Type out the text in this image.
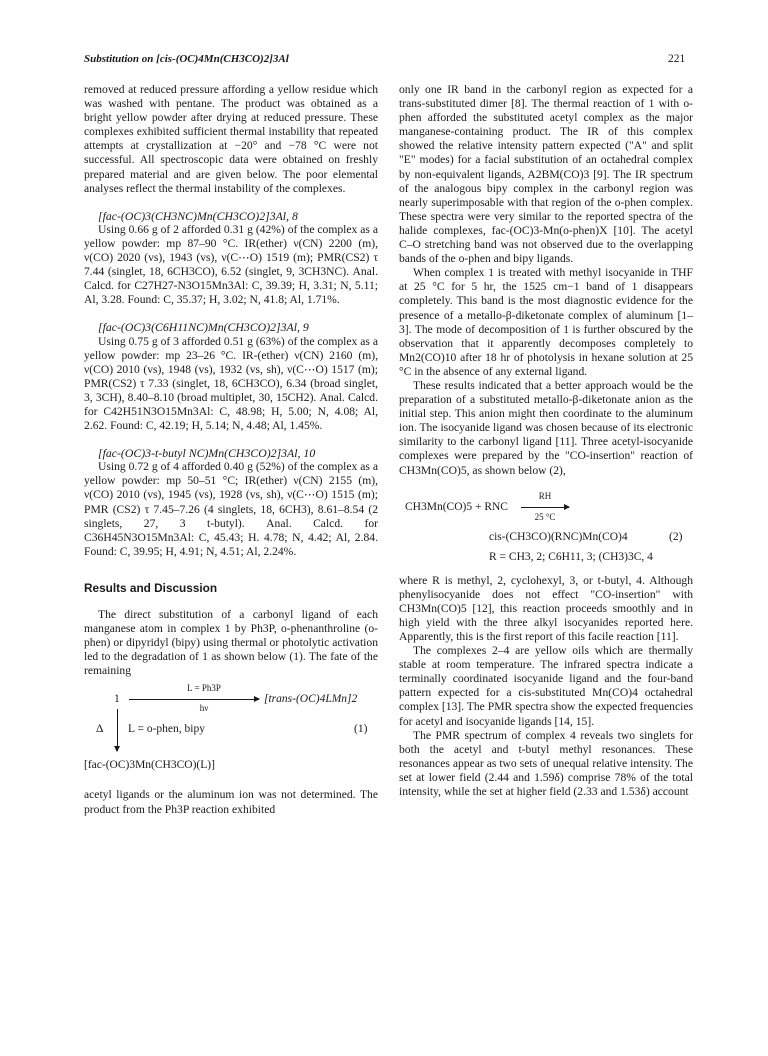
Substitution on [cis-(OC)4Mn(CH3CO)2]3Al	221

removed at reduced pressure affording a yellow residue which was washed with pentane. The product was obtained as a bright yellow powder after drying at reduced pressure. These complexes exhibited sufficient thermal instability that repeated attempts at crystallization at −20° and −78 °C were not successful. All spectroscopic data were obtained on freshly prepared material and are given below. The poor elemental analyses reflect the thermal instability of the complexes.

[fac-(OC)3(CH3NC)Mn(CH3CO)2]3Al, 8

Using 0.66 g of 2 afforded 0.31 g (42%) of the complex as a yellow powder: mp 87–90 °C. IR(ether) ν(CN) 2200 (m), ν(CO) 2020 (vs), 1943 (vs), ν(C⋯O) 1519 (m); PMR(CS2) τ 7.44 (singlet, 18, 6CH3CO), 6.52 (singlet, 9, 3CH3NC). Anal. Calcd. for C27H27-N3O15Mn3Al: C, 39.39; H, 3.31; N, 5.11; Al, 3.28. Found: C, 35.37; H, 3.02; N, 41.8; Al, 1.71%.

[fac-(OC)3(C6H11NC)Mn(CH3CO)2]3Al, 9

Using 0.75 g of 3 afforded 0.51 g (63%) of the complex as a yellow powder: mp 23–26 °C. IR-(ether) ν(CN) 2160 (m), ν(CO) 2010 (vs), 1948 (vs), 1932 (vs, sh), ν(C⋯O) 1517 (m); PMR(CS2) τ 7.33 (singlet, 18, 6CH3CO), 6.34 (broad singlet, 3, 3CH), 8.40–8.10 (broad multiplet, 30, 15CH2). Anal. Calcd. for C42H51N3O15Mn3Al: C, 48.98; H, 5.00; N, 4.08; Al, 2.62. Found: C, 42.19; H, 5.14; N, 4.48; Al, 1.45%.

[fac-(OC)3-t-butyl NC)Mn(CH3CO)2]3Al, 10

Using 0.72 g of 4 afforded 0.40 g (52%) of the complex as a yellow powder: mp 50–51 °C; IR(ether) ν(CN) 2155 (m), ν(CO) 2010 (vs), 1945 (vs), 1928 (vs, sh), ν(C⋯O) 1515 (m); PMR (CS2) τ 7.45–7.26 (4 singlets, 18, 6CH3), 8.61–8.54 (2 singlets, 27, 3 t-butyl). Anal. Calcd. for C36H45N3O15Mn3Al: C, 45.43; H. 4.78; N, 4.42; Al, 2.84. Found: C, 39.95; H, 4.91; N, 4.51; Al, 2.24%.

Results and Discussion

The direct substitution of a carbonyl ligand of each manganese atom in complex 1 by Ph3P, o-phenanthroline (o-phen) or dipyridyl (bipy) using thermal or photolytic activation led to the degradation of 1 as shown below (1). The fate of the remaining

1
L = Ph3P
hν
[trans-(OC)4LMn]2
Δ L = o-phen, bipy	(1)
[fac-(OC)3Mn(CH3CO)(L)]

acetyl ligands or the aluminum ion was not determined. The product from the Ph3P reaction exhibited

only one IR band in the carbonyl region as expected for a trans-substituted dimer [8]. The thermal reaction of 1 with o-phen afforded the substituted acetyl complex as the major manganese-containing product. The IR of this complex showed the relative intensity pattern expected ("A" and split "E" modes) for a facial substitution of an octahedral complex by non-equivalent ligands, A2BM(CO)3 [9]. The IR spectrum of the analogous bipy complex in the carbonyl region was nearly superimposable with that region of the o-phen complex. These spectra were very similar to the reported spectra of the halide complexes, fac-(OC)3-Mn(o-phen)X [10]. The acetyl C–O stretching band was not observed due to the overlapping bands of the o-phen and bipy ligands.

When complex 1 is treated with methyl isocyanide in THF at 25 °C for 5 hr, the 1525 cm−1 band of 1 disappears completely. This band is the most diagnostic evidence for the presence of a metallo-β-diketonate complex of aluminum [1–3]. The mode of decomposition of 1 is further obscured by the observation that it apparently decomposes completely to Mn2(CO)10 after 18 hr of photolysis in hexane solution at 25 °C in the absence of any external ligand.

These results indicated that a better approach would be the preparation of a substituted metallo-β-diketonate anion as the initial step. This anion might then coordinate to the aluminum ion. The isocyanide ligand was chosen because of its electronic similarity to the carbonyl ligand [11]. Three acetyl-isocyanide complexes were prepared by the "CO-insertion" reaction of CH3Mn(CO)5, as shown below (2),

CH3Mn(CO)5 + RNC
RH
25 °C
cis-(CH3CO)(RNC)Mn(CO)4	(2)
R = CH3, 2; C6H11, 3; (CH3)3C, 4

where R is methyl, 2, cyclohexyl, 3, or t-butyl, 4. Although phenylisocyanide does not effect "CO-insertion" with CH3Mn(CO)5 [12], this reaction proceeds smoothly and in high yield with the three alkyl isocyanides reported here. Apparently, this is the first report of this facile reaction [11].

The complexes 2–4 are yellow oils which are thermally stable at room temperature. The infrared spectra indicate a terminally coordinated isocyanide ligand and the four-band pattern expected for a cis-substituted Mn(CO)4 octahedral complex [13]. The PMR spectra show the expected frequencies for acetyl and isocyanide ligands [14, 15].

The PMR spectrum of complex 4 reveals two singlets for both the acetyl and t-butyl methyl resonances. These resonances appear as two sets of unequal relative intensity. The set at lower field (2.44 and 1.59δ) comprise 78% of the total intensity, while the set at higher field (2.33 and 1.53δ) account
